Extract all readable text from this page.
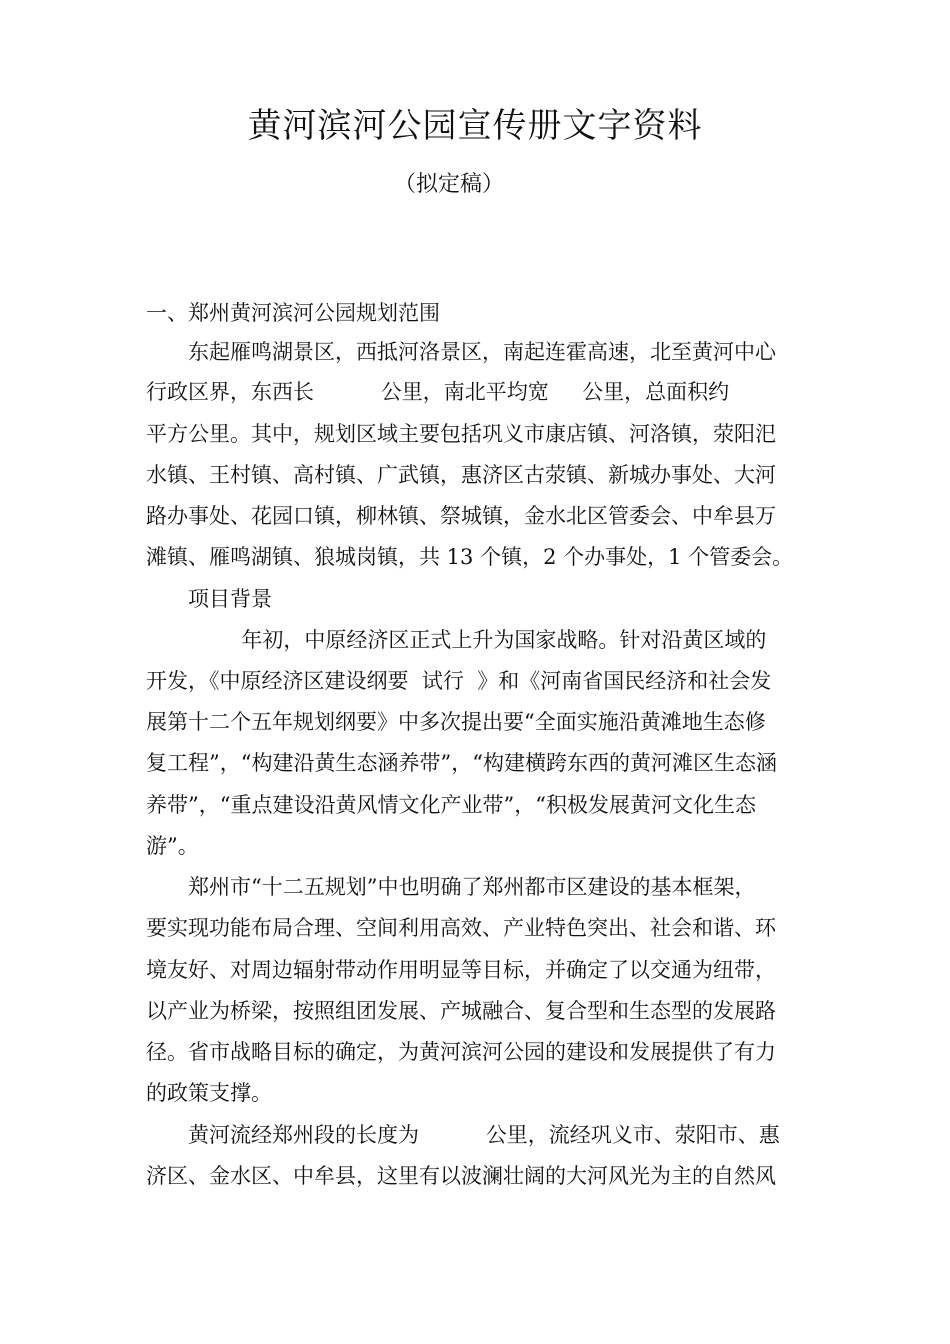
黄河滨河公园宣传册文字资料
（拟定稿）
一、郑州黄河滨河公园规划范围
东起雁鸣湖景区，西抵河洛景区，南起连霍高速，北至黄河中心
行政区界，东西长          公里，南北平均宽     公里，总面积约
平方公里。其中，规划区域主要包括巩义市康店镇、河洛镇，荥阳汜
水镇、王村镇、高村镇、广武镇，惠济区古荥镇、新城办事处、大河
路办事处、花园口镇，柳林镇、祭城镇，金水北区管委会、中牟县万
滩镇、雁鸣湖镇、狼城岗镇，共 13 个镇，2 个办事处，1 个管委会。
项目背景
年初，中原经济区正式上升为国家战略。针对沿黄区域的
开发，《中原经济区建设纲要  试行  》和《河南省国民经济和社会发
展第十二个五年规划纲要》中多次提出要“全面实施沿黄滩地生态修
复工程”，“构建沿黄生态涵养带”，“构建横跨东西的黄河滩区生态涵
养带”，“重点建设沿黄风情文化产业带”，“积极发展黄河文化生态
游”。
郑州市“十二五规划”中也明确了郑州都市区建设的基本框架，
要实现功能布局合理、空间利用高效、产业特色突出、社会和谐、环
境友好、对周边辐射带动作用明显等目标，并确定了以交通为纽带，
以产业为桥梁，按照组团发展、产城融合、复合型和生态型的发展路
径。省市战略目标的确定，为黄河滨河公园的建设和发展提供了有力
的政策支撑。
黄河流经郑州段的长度为          公里，流经巩义市、荥阳市、惠
济区、金水区、中牟县，这里有以波澜壮阔的大河风光为主的自然风
